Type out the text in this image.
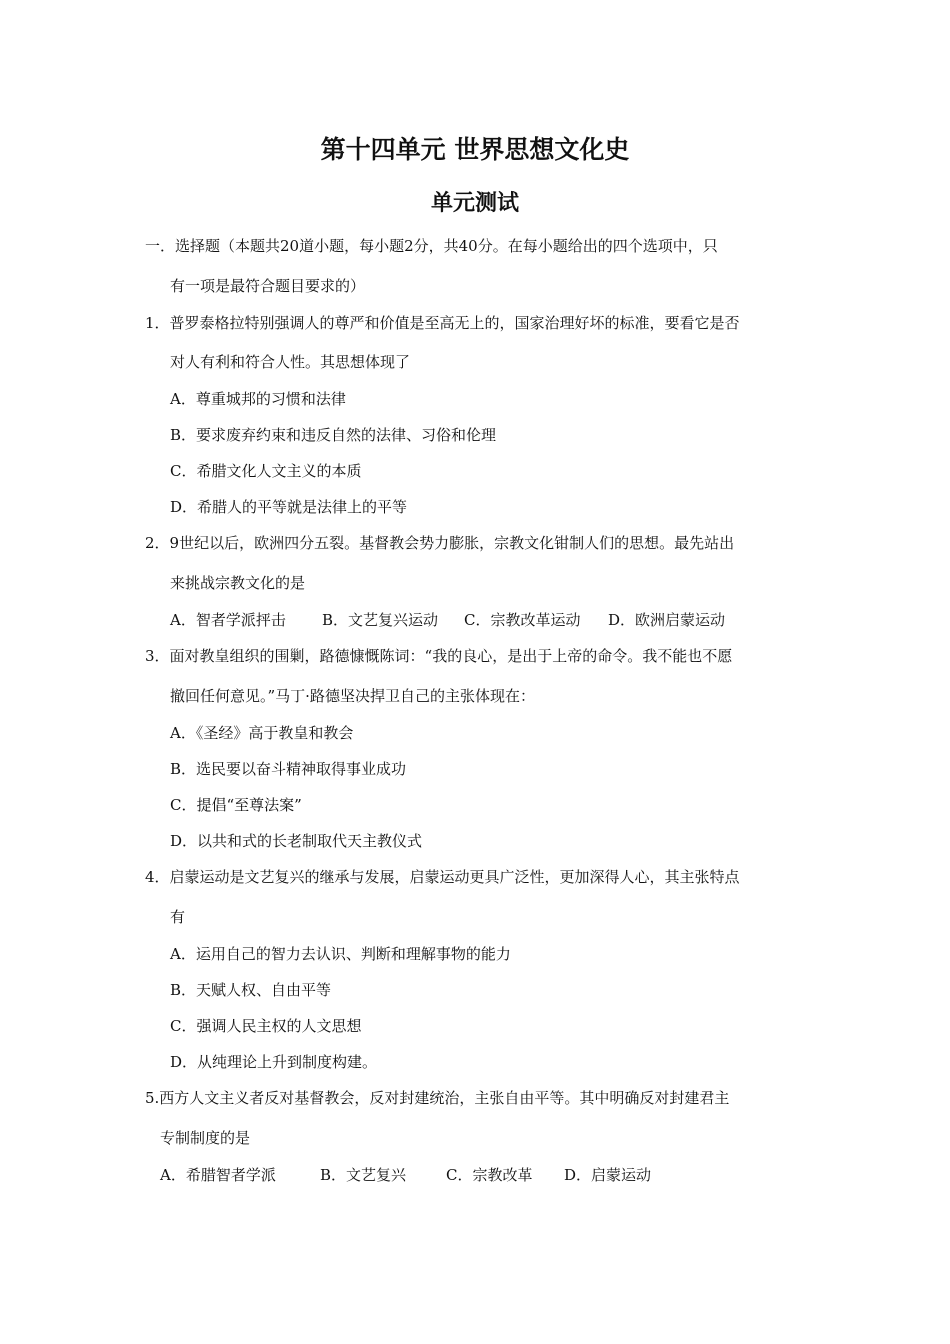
第十四单元 世界思想文化史
单元测试

一．选择题（本题共20道小题，每小题2分，共40分。在每小题给出的四个选项中，只

有一项是最符合题目要求的）

1．普罗泰格拉特别强调人的尊严和价值是至高无上的，国家治理好坏的标准，要看它是否

对人有利和符合人性。其思想体现了

A．尊重城邦的习惯和法律

B．要求废弃约束和违反自然的法律、习俗和伦理

C．希腊文化人文主义的本质

D．希腊人的平等就是法律上的平等

2．9世纪以后，欧洲四分五裂。基督教会势力膨胀，宗教文化钳制人们的思想。最先站出

来挑战宗教文化的是

A．智者学派抨击 B．文艺复兴运动 C．宗教改革运动 D．欧洲启蒙运动

3．面对教皇组织的围剿，路德慷慨陈词：“我的良心，是出于上帝的命令。我不能也不愿

撤回任何意见。”马丁·路德坚决捍卫自己的主张体现在：

A．《圣经》高于教皇和教会

B．选民要以奋斗精神取得事业成功

C．提倡“至尊法案”

D．以共和式的长老制取代天主教仪式

4．启蒙运动是文艺复兴的继承与发展，启蒙运动更具广泛性，更加深得人心，其主张特点

有

A．运用自己的智力去认识、判断和理解事物的能力

B．天赋人权、自由平等

C．强调人民主权的人文思想

D．从纯理论上升到制度构建。

5.西方人文主义者反对基督教会，反对封建统治，主张自由平等。其中明确反对封建君主

专制制度的是

A．希腊智者学派	B．文艺复兴	C．宗教改革 D．启蒙运动
